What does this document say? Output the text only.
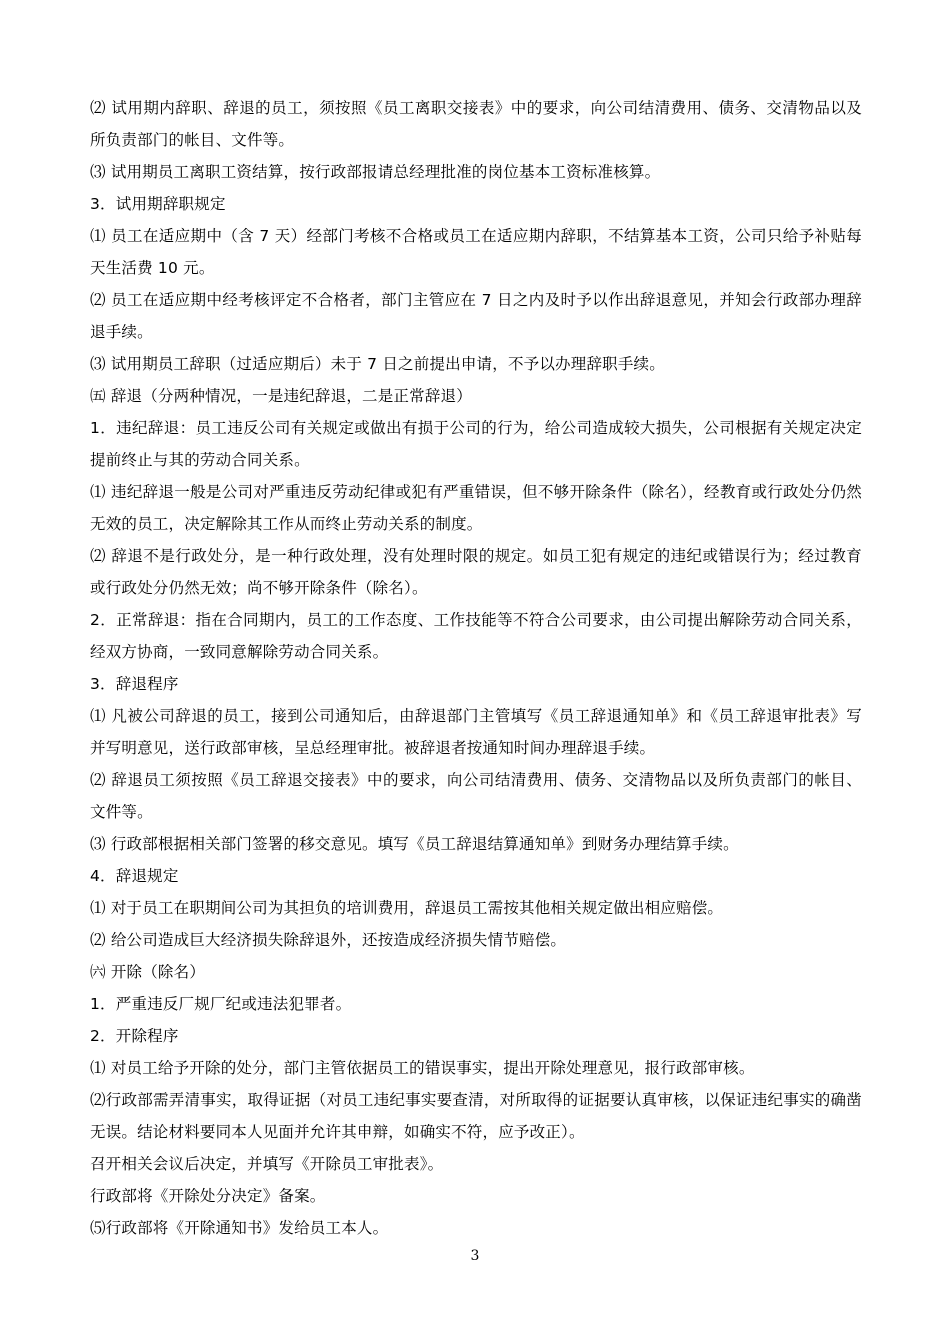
⑵ 试用期内辞职、辞退的员工，须按照《员工离职交接表》中的要求，向公司结清费用、债务、交清物品以及所负责部门的帐目、文件等。

⑶ 试用期员工离职工资结算，按行政部报请总经理批准的岗位基本工资标准核算。

3．试用期辞职规定

⑴ 员工在适应期中（含 7 天）经部门考核不合格或员工在适应期内辞职，不结算基本工资，公司只给予补贴每天生活费 10 元。

⑵ 员工在适应期中经考核评定不合格者，部门主管应在 7 日之内及时予以作出辞退意见，并知会行政部办理辞退手续。

⑶ 试用期员工辞职（过适应期后）未于 7 日之前提出申请，不予以办理辞职手续。

㈤ 辞退（分两种情况，一是违纪辞退，二是正常辞退）

1．违纪辞退：员工违反公司有关规定或做出有损于公司的行为，给公司造成较大损失，公司根据有关规定决定提前终止与其的劳动合同关系。

⑴ 违纪辞退一般是公司对严重违反劳动纪律或犯有严重错误，但不够开除条件（除名），经教育或行政处分仍然无效的员工，决定解除其工作从而终止劳动关系的制度。

⑵ 辞退不是行政处分，是一种行政处理，没有处理时限的规定。如员工犯有规定的违纪或错误行为；经过教育或行政处分仍然无效；尚不够开除条件（除名）。

2．正常辞退：指在合同期内，员工的工作态度、工作技能等不符合公司要求，由公司提出解除劳动合同关系，经双方协商，一致同意解除劳动合同关系。

3．辞退程序

⑴ 凡被公司辞退的员工，接到公司通知后，由辞退部门主管填写《员工辞退通知单》和《员工辞退审批表》写并写明意见，送行政部审核，呈总经理审批。被辞退者按通知时间办理辞退手续。

⑵ 辞退员工须按照《员工辞退交接表》中的要求，向公司结清费用、债务、交清物品以及所负责部门的帐目、文件等。

⑶ 行政部根据相关部门签署的移交意见。填写《员工辞退结算通知单》到财务办理结算手续。

4．辞退规定

⑴ 对于员工在职期间公司为其担负的培训费用，辞退员工需按其他相关规定做出相应赔偿。

⑵ 给公司造成巨大经济损失除辞退外，还按造成经济损失情节赔偿。

㈥ 开除（除名）

1．严重违反厂规厂纪或违法犯罪者。

2．开除程序

⑴ 对员工给予开除的处分，部门主管依据员工的错误事实，提出开除处理意见，报行政部审核。

⑵行政部需弄清事实，取得证据（对员工违纪事实要查清，对所取得的证据要认真审核，以保证违纪事实的确凿无误。结论材料要同本人见面并允许其申辩，如确实不符，应予改正）。

召开相关会议后决定，并填写《开除员工审批表》。

行政部将《开除处分决定》备案。

⑸行政部将《开除通知书》发给员工本人。

3
